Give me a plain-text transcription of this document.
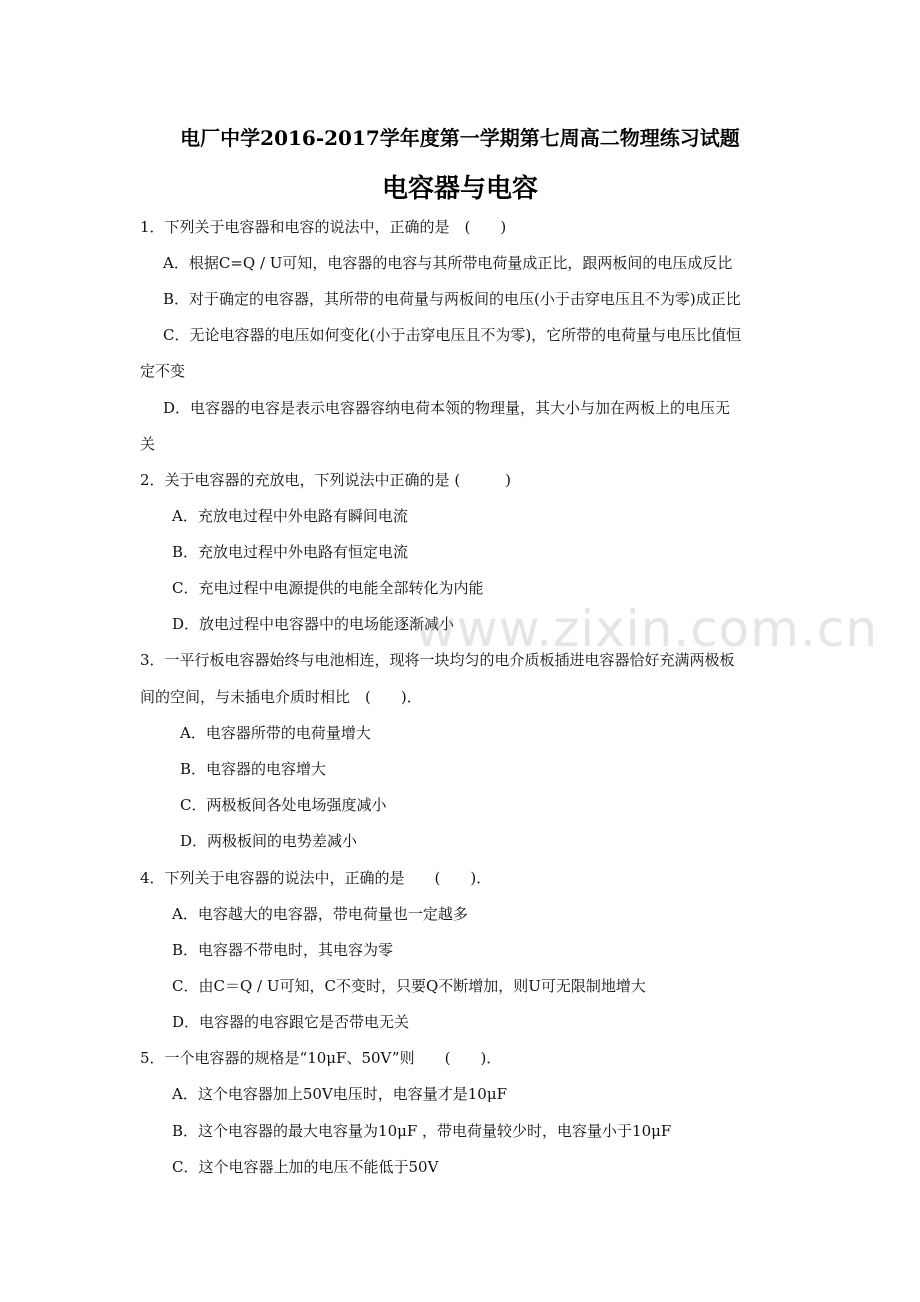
电厂中学2016-2017学年度第一学期第七周高二物理练习试题
电容器与电容
1．下列关于电容器和电容的说法中，正确的是　(　　)
A．根据C=Q / U可知，电容器的电容与其所带电荷量成正比，跟两板间的电压成反比
B．对于确定的电容器，其所带的电荷量与两板间的电压(小于击穿电压且不为零)成正比
C．无论电容器的电压如何变化(小于击穿电压且不为零)，它所带的电荷量与电压比值恒
定不变
D．电容器的电容是表示电容器容纳电荷本领的物理量，其大小与加在两板上的电压无
关
2．关于电容器的充放电，下列说法中正确的是 (　　　)
A．充放电过程中外电路有瞬间电流
B．充放电过程中外电路有恒定电流
C．充电过程中电源提供的电能全部转化为内能
D．放电过程中电容器中的电场能逐渐减小
3．一平行板电容器始终与电池相连，现将一块均匀的电介质板插进电容器恰好充满两极板
间的空间，与未插电介质时相比　(　　)．
A．电容器所带的电荷量增大
B．电容器的电容增大
C．两极板间各处电场强度减小
D．两极板间的电势差减小
4．下列关于电容器的说法中，正确的是　　(　　)．
A．电容越大的电容器，带电荷量也一定越多
B．电容器不带电时，其电容为零
C．由C＝Q / U可知，C不变时，只要Q不断增加，则U可无限制地增大
D．电容器的电容跟它是否带电无关
5．一个电容器的规格是“10μF、50V”则　　(　　)．
A．这个电容器加上50V电压时，电容量才是10μF
B．这个电容器的最大电容量为10μF ，带电荷量较少时，电容量小于10μF
C．这个电容器上加的电压不能低于50V
www.zixin.com.cn
